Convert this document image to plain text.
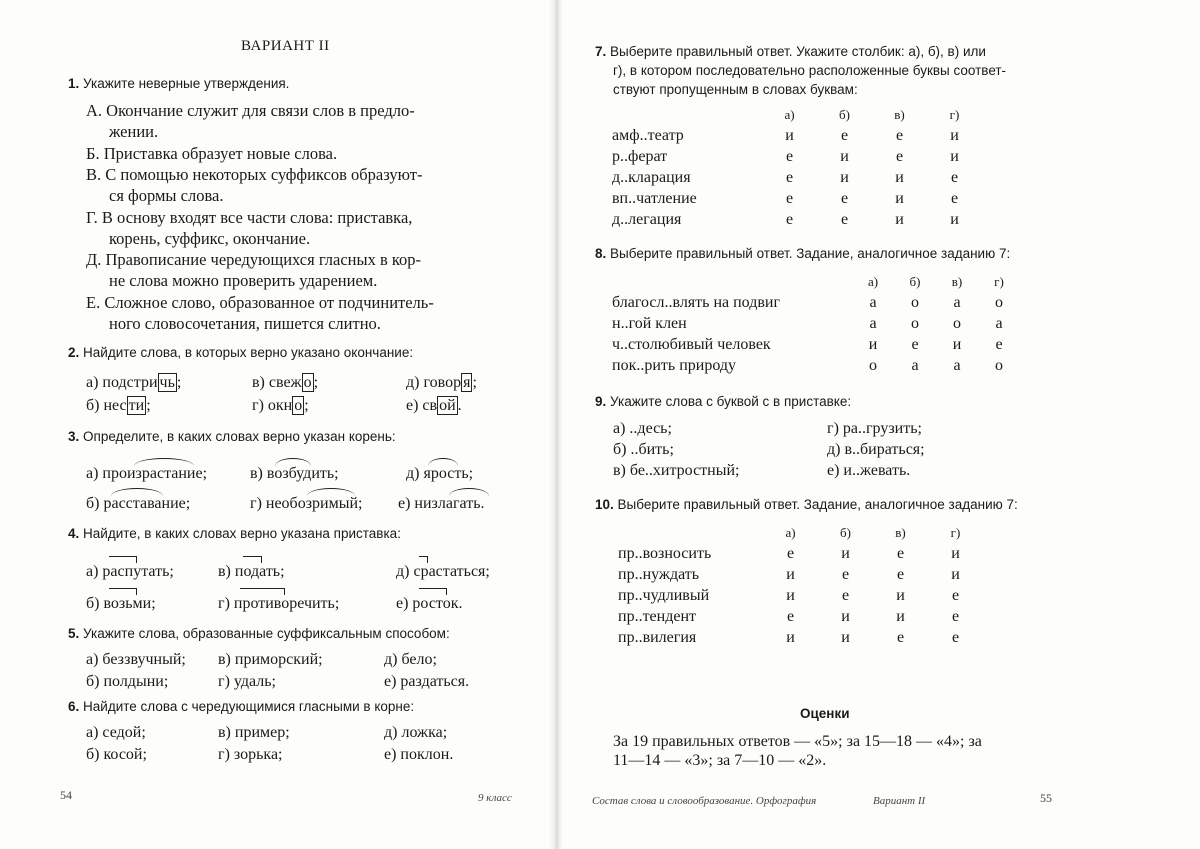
ВАРИАНТ II
1. Укажите неверные утверждения.
А. Окончание служит для связи слов в предло-
жении.
Б. Приставка образует новые слова.
В. С помощью некоторых суффиксов образуют-
ся формы слова.
Г. В основу входят все части слова: приставка,
корень, суффикс, окончание.
Д. Правописание чередующихся гласных в кор-
не слова можно проверить ударением.
Е. Сложное слово, образованное от подчинитель-
ного словосочетания, пишется слитно.
2. Найдите слова, в которых верно указано окончание:
а) подстри чь ;	в) свеж о ;	д) говор я ;
б) нес ти ;	г) окн о ;	е) св ой .
3. Определите, в каких словах верно указан корень:
а) произрастание;	в) возбудить;	д) ярость;
б) расставание;	г) необозримый; е) низлагать.
4. Найдите, в каких словах верно указана приставка:
а) распутать;	в) подать;	д) срастаться;
б) возьми;	г) противоречить;	е) росток.
5. Укажите слова, образованные суффиксальным способом:
а) беззвучный; в) приморский;	д) бело;
б) полдыни;	г) удаль;	е) раздаться.
6. Найдите слова с чередующимися гласными в корне:
а) седой;	в) пример;	д) ложка;
б) косой;	г) зорька;	е) поклон.
54	9 класс
7. Выберите правильный ответ. Укажите столбик: а), б), в) или
г), в котором последовательно расположенные буквы соответ-
ствуют пропущенным в словах буквам:
	а)	б)	в)	г)
амф..театр	и	е	е	и
р..ферат	е	и	е	и
д..кларация	е	и	и	е
вп..чатление	е	е	и	е
д..легация	е	е	и	и
8. Выберите правильный ответ. Задание, аналогичное заданию 7:
	а)	б)	в)	г)
благосл..влять на подвиг	а	о	а	о
н..гой клен	а	о	о	а
ч..столюбивый человек	и	е	и	е
пок..рить природу	о	а	а	о
9. Укажите слова с буквой с в приставке:
а) ..десь;	г) ра..грузить;
б) ..бить;	д) в..бираться;
в) бе..хитростный;	е) и..жевать.
10. Выберите правильный ответ. Задание, аналогичное заданию 7:
	а)	б)	в)	г)
пр..возносить	е	и	е	и
пр..нуждать	и	е	е	и
пр..чудливый	и	е	и	е
пр..тендент	е	и	и	е
пр..вилегия	и	и	е	е
Оценки
За 19 правильных ответов — «5»; за 15—18 — «4»; за
11—14 — «3»; за 7—10 — «2».
Состав слова и словообразование. Орфография	Вариант II	55
